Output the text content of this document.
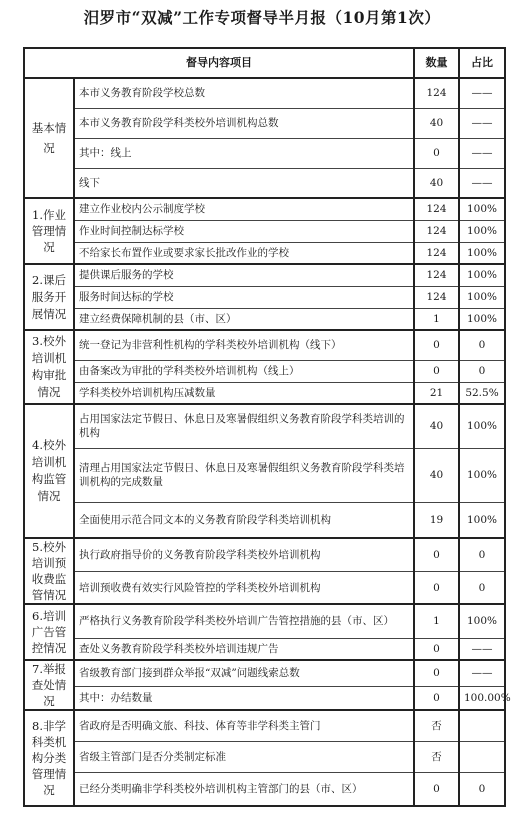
汨罗市“双减”工作专项督导半月报（10月第1次）
督导内容项目		数量	占比
基本情况	本市义务教育阶段学校总数	124	——
	本市义务教育阶段学科类校外培训机构总数	40	——
	其中：线上	0	——
	线下	40	——
1.作业管理情况	建立作业校内公示制度学校	124	100%
	作业时间控制达标学校	124	100%
	不给家长布置作业或要求家长批改作业的学校	124	100%
2.课后服务开展情况	提供课后服务的学校	124	100%
	服务时间达标的学校	124	100%
	建立经费保障机制的县（市、区）	1	100%
3.校外培训机构审批情况	统一登记为非营利性机构的学科类校外培训机构（线下）	0	0
	由备案改为审批的学科类校外培训机构（线上）	0	0
	学科类校外培训机构压减数量	21	52.5%
4.校外培训机构监管情况	占用国家法定节假日、休息日及寒暑假组织义务教育阶段学科类培训的机构	40	100%
	清理占用国家法定节假日、休息日及寒暑假组织义务教育阶段学科类培训机构的完成数量	40	100%
	全面使用示范合同文本的义务教育阶段学科类培训机构	19	100%
5.校外培训预收费监管情况	执行政府指导价的义务教育阶段学科类校外培训机构	0	0
	培训预收费有效实行风险管控的学科类校外培训机构	0	0
6.培训广告管控情况	严格执行义务教育阶段学科类校外培训广告管控措施的县（市、区）	1	100%
	查处义务教育阶段学科类校外培训违规广告	0	——
7.举报查处情况	省级教育部门接到群众举报“双减”问题线索总数	0	——
	其中：办结数量	0	100.00%
8.非学科类机构分类管理情况	省政府是否明确文旅、科技、体育等非学科类主管门	否	
	省级主管部门是否分类制定标准	否	
	已经分类明确非学科类校外培训机构主管部门的县（市、区）	0	0
